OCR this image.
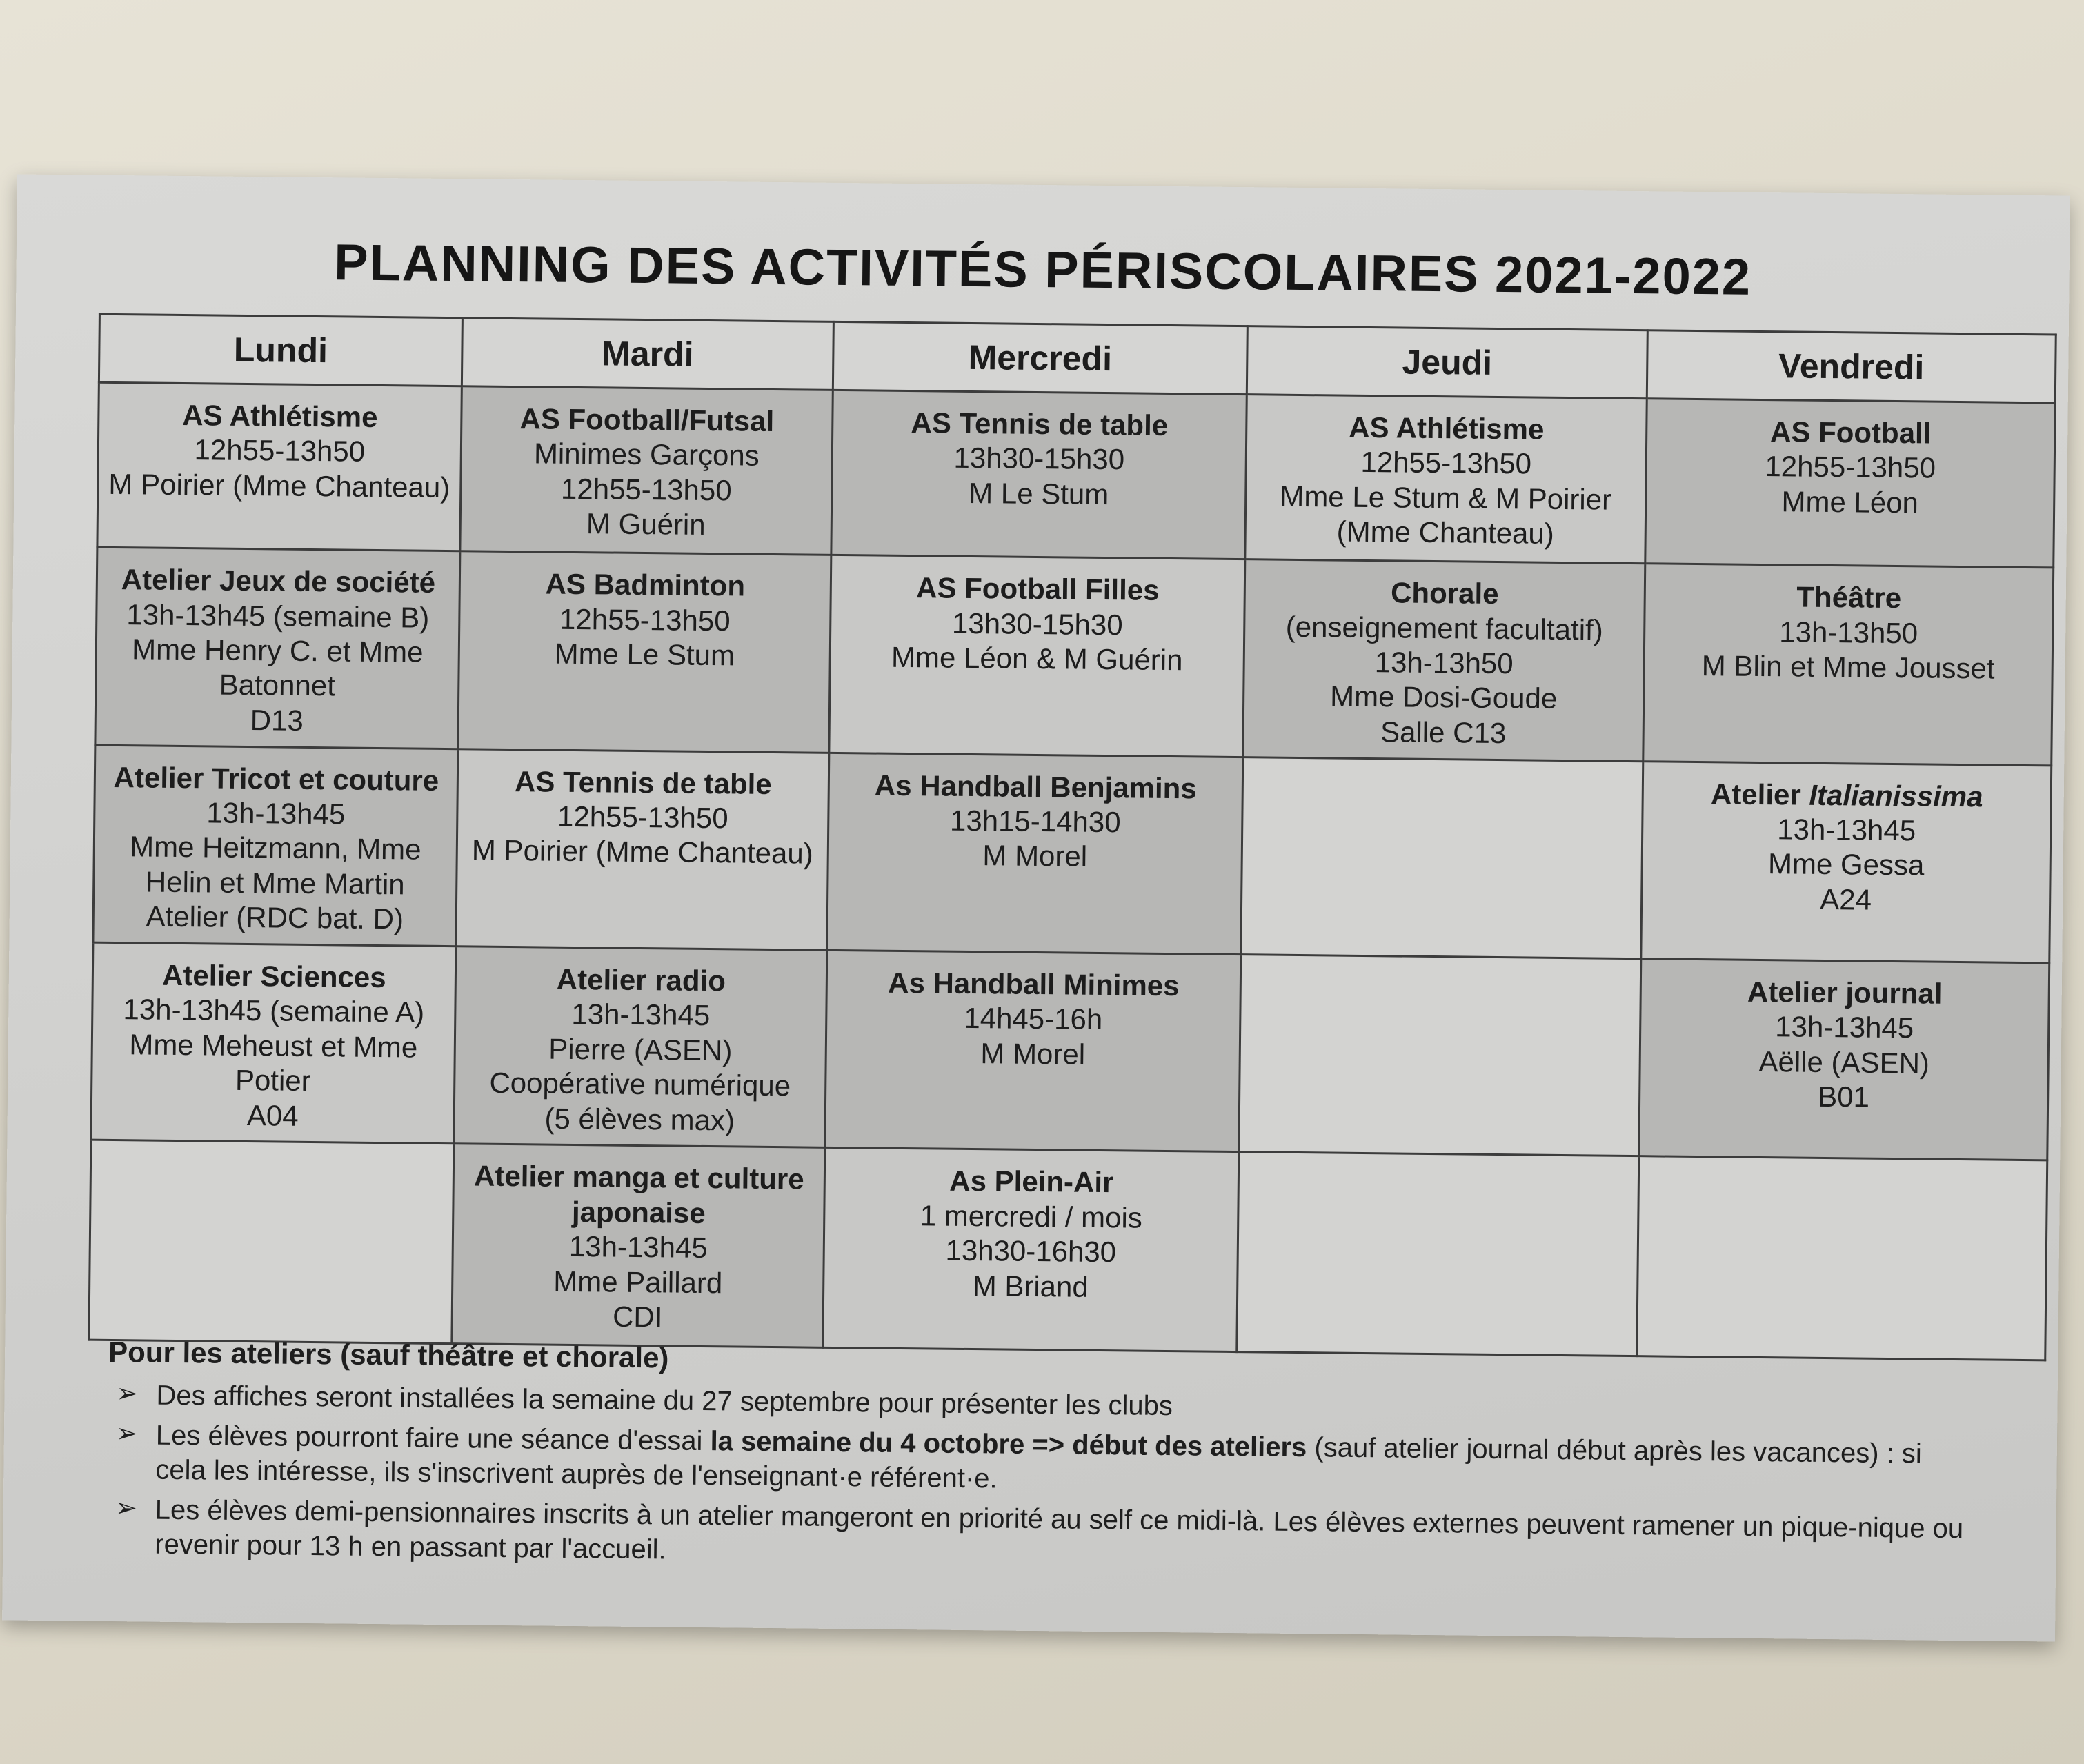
PLANNING DES ACTIVITÉS PÉRISCOLAIRES 2021-2022
Lundi	Mardi	Mercredi	Jeudi	Vendredi

AS Athlétisme
12h55-13h50
M Poirier (Mme Chanteau)	AS Football/Futsal
Minimes Garçons
12h55-13h50
M Guérin	AS Tennis de table
13h30-15h30
M Le Stum	AS Athlétisme
12h55-13h50
Mme Le Stum & M Poirier
(Mme Chanteau)	AS Football
12h55-13h50
Mme Léon

Atelier Jeux de société
13h-13h45 (semaine B)
Mme Henry C. et Mme
Batonnet
D13	AS Badminton
12h55-13h50
Mme Le Stum	AS Football Filles
13h30-15h30
Mme Léon & M Guérin	Chorale
(enseignement facultatif)
13h-13h50
Mme Dosi-Goude
Salle C13	Théâtre
13h-13h50
M Blin et Mme Jousset

Atelier Tricot et couture
13h-13h45
Mme Heitzmann, Mme
Helin et Mme Martin
Atelier (RDC bat. D)	AS Tennis de table
12h55-13h50
M Poirier (Mme Chanteau)	As Handball Benjamins
13h15-14h30
M Morel		Atelier Italianissima
13h-13h45
Mme Gessa
A24

Atelier Sciences
13h-13h45 (semaine A)
Mme Meheust et Mme
Potier
A04	Atelier radio
13h-13h45
Pierre (ASEN)
Coopérative numérique
(5 élèves max)	As Handball Minimes
14h45-16h
M Morel		Atelier journal
13h-13h45
Aëlle (ASEN)
B01

	Atelier manga et culture japonaise
13h-13h45
Mme Paillard
CDI	As Plein-Air
1 mercredi / mois
13h30-16h30
M Briand		

Pour les ateliers (sauf théâtre et chorale)
➢ Des affiches seront installées la semaine du 27 septembre pour présenter les clubs
➢ Les élèves pourront faire une séance d'essai la semaine du 4 octobre => début des ateliers (sauf atelier journal début après les vacances) : si cela les intéresse, ils s'inscrivent auprès de l'enseignant·e référent·e.
➢ Les élèves demi-pensionnaires inscrits à un atelier mangeront en priorité au self ce midi-là. Les élèves externes peuvent ramener un pique-nique ou revenir pour 13 h en passant par l'accueil.
